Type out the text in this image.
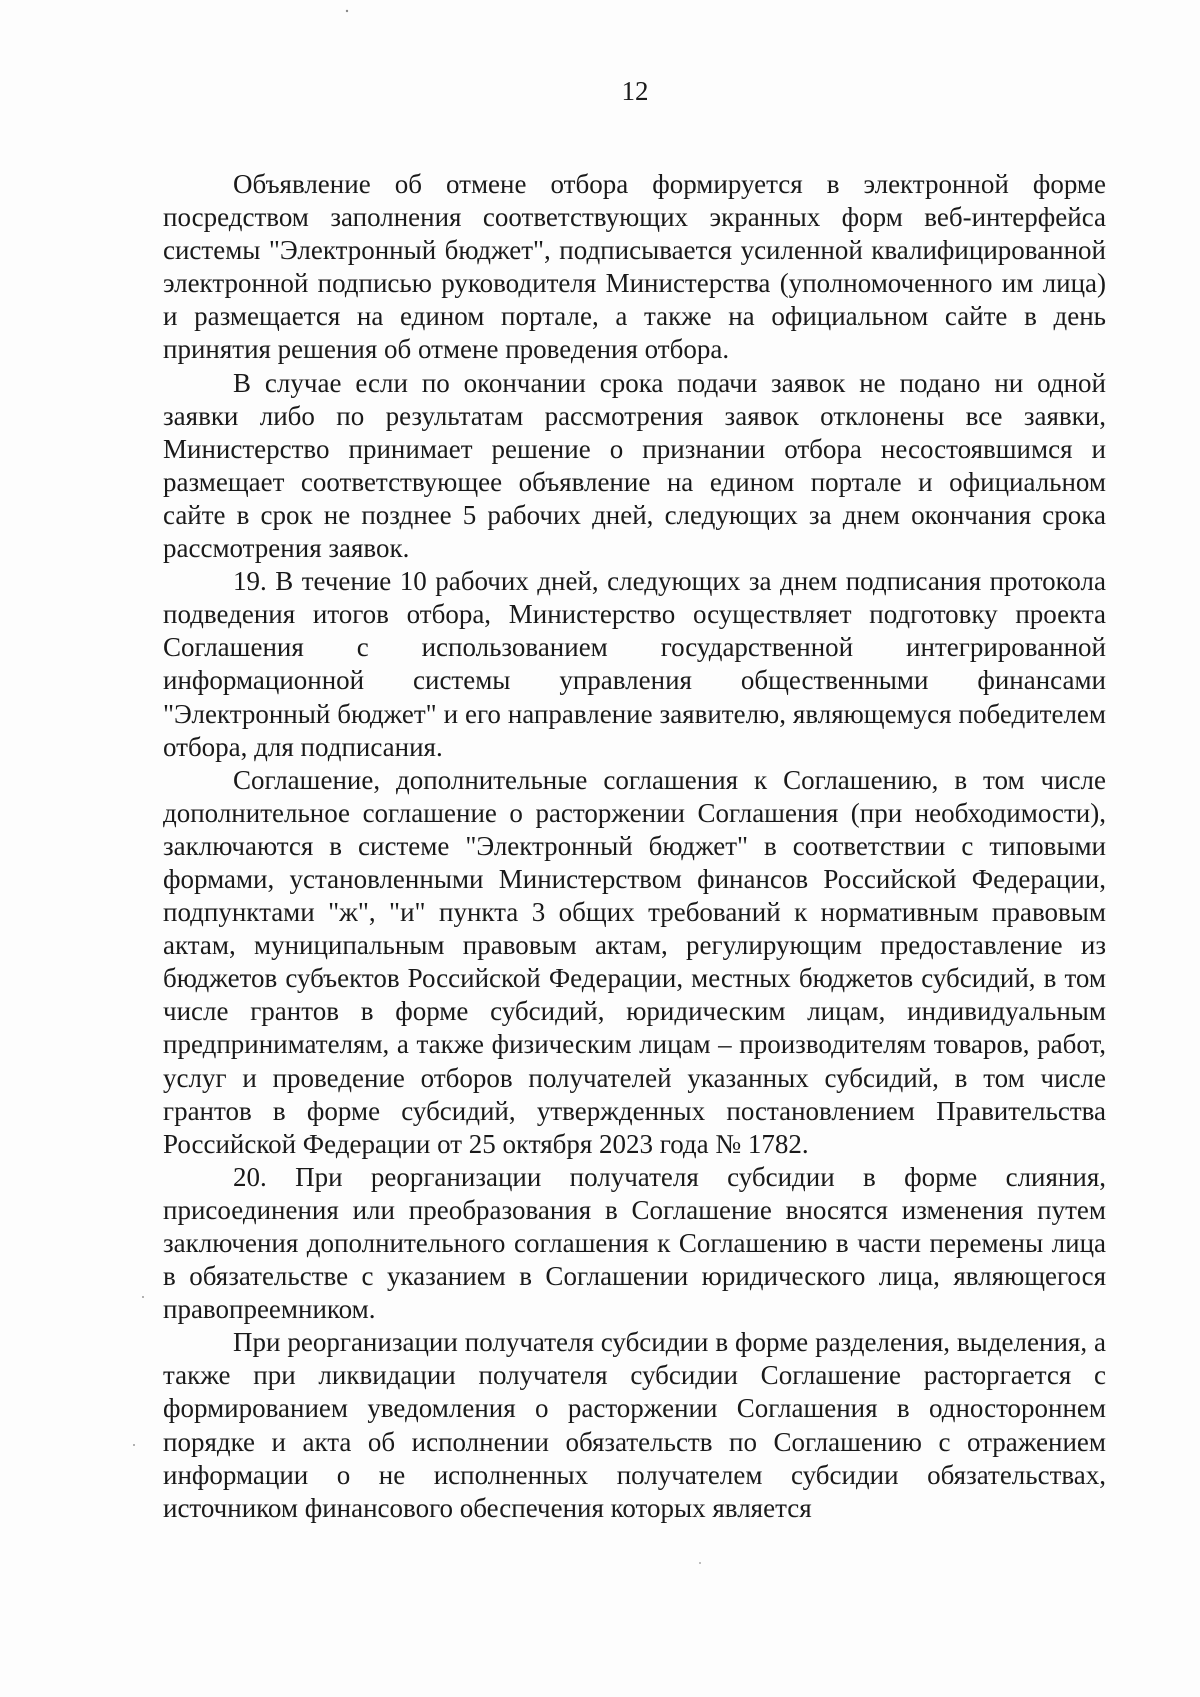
12

Объявление об отмене отбора формируется в электронной форме посредством заполнения соответствующих экранных форм веб-интерфейса системы "Электронный бюджет", подписывается усиленной квалифицированной электронной подписью руководителя Министерства (уполномоченного им лица) и размещается на едином портале, а также на официальном сайте в день принятия решения об отмене проведения отбора.

В случае если по окончании срока подачи заявок не подано ни одной заявки либо по результатам рассмотрения заявок отклонены все заявки, Министерство принимает решение о признании отбора несостоявшимся и размещает соответствующее объявление на едином портале и официальном сайте в срок не позднее 5 рабочих дней, следующих за днем окончания срока рассмотрения заявок.

19. В течение 10 рабочих дней, следующих за днем подписания протокола подведения итогов отбора, Министерство осуществляет подготовку проекта Соглашения с использованием государственной интегрированной информационной системы управления общественными финансами "Электронный бюджет" и его направление заявителю, являющемуся победителем отбора, для подписания.

Соглашение, дополнительные соглашения к Соглашению, в том числе дополнительное соглашение о расторжении Соглашения (при необходимости), заключаются в системе "Электронный бюджет" в соответствии с типовыми формами, установленными Министерством финансов Российской Федерации, подпунктами "ж", "и" пункта 3 общих требований к нормативным правовым актам, муниципальным правовым актам, регулирующим предоставление из бюджетов субъектов Российской Федерации, местных бюджетов субсидий, в том числе грантов в форме субсидий, юридическим лицам, индивидуальным предпринимателям, а также физическим лицам – производителям товаров, работ, услуг и проведение отборов получателей указанных субсидий, в том числе грантов в форме субсидий, утвержденных постановлением Правительства Российской Федерации от 25 октября 2023 года № 1782.

20. При реорганизации получателя субсидии в форме слияния, присоединения или преобразования в Соглашение вносятся изменения путем заключения дополнительного соглашения к Соглашению в части перемены лица в обязательстве с указанием в Соглашении юридического лица, являющегося правопреемником.

При реорганизации получателя субсидии в форме разделения, выделения, а также при ликвидации получателя субсидии Соглашение расторгается с формированием уведомления о расторжении Соглашения в одностороннем порядке и акта об исполнении обязательств по Соглашению с отражением информации о не исполненных получателем субсидии обязательствах, источником финансового обеспечения которых является
